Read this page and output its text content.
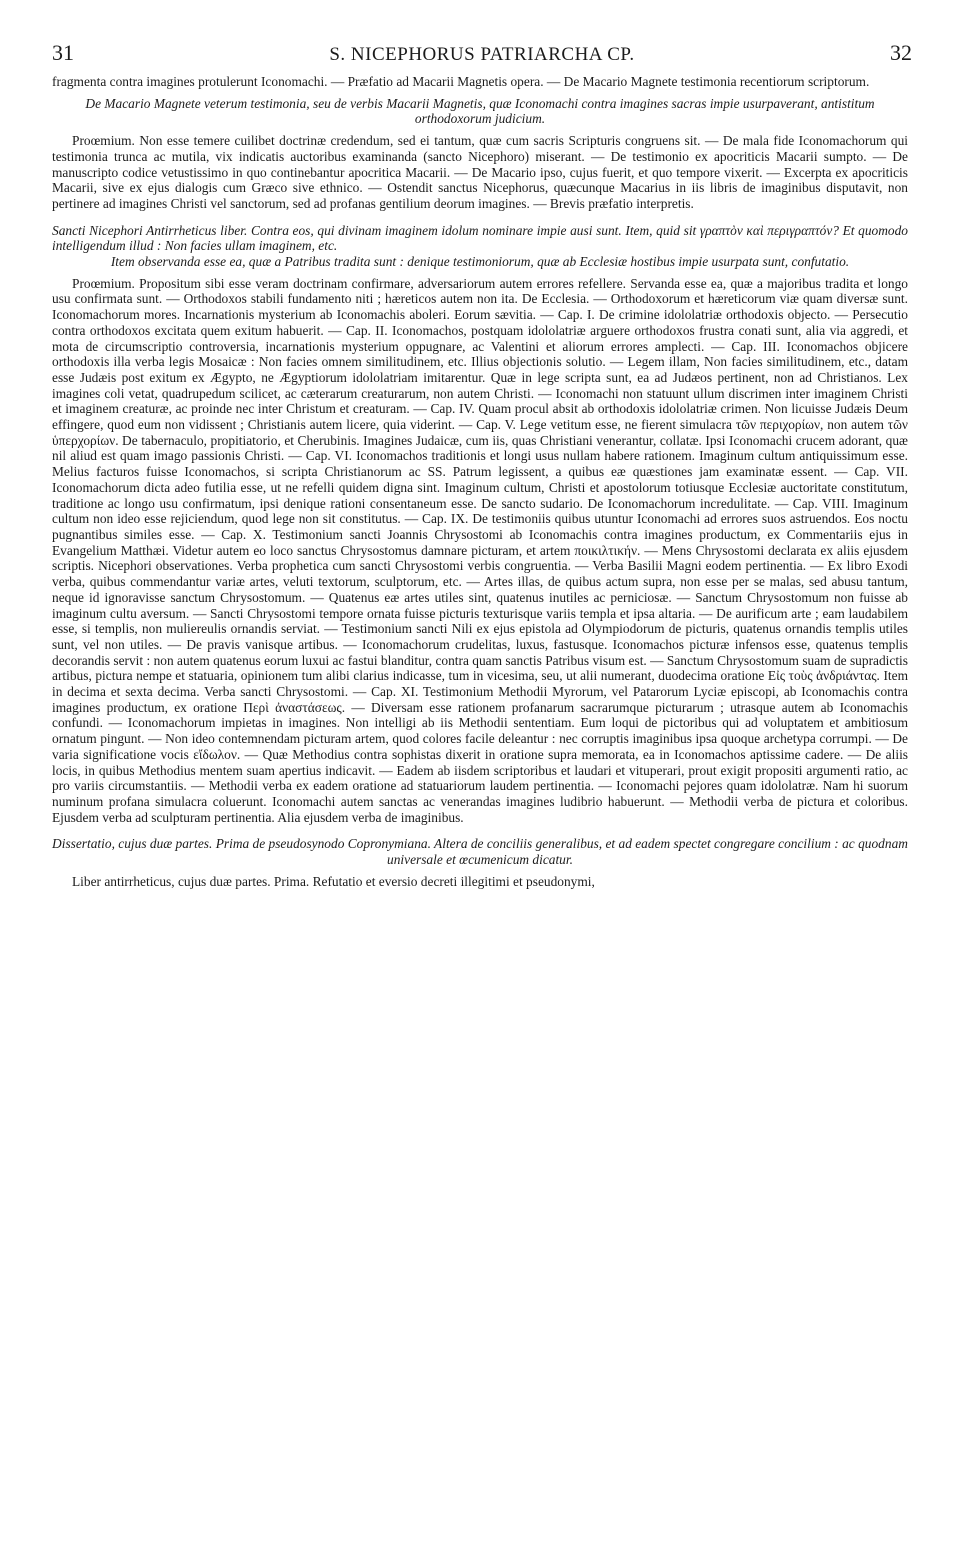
31	S. NICEPHORUS PATRIARCHA CP.	32

fragmenta contra imagines protulerunt Iconomachi. — Præfatio ad Macarii Magnetis opera. — De Macario Magnete testimonia recentiorum scriptorum.

De Macario Magnete veterum testimonia, seu de verbis Macarii Magnetis, quæ Iconomachi contra imagines sacras impie usurpaverant, antistitum orthodoxorum judicium.

Proœmium. Non esse temere cuilibet doctrinæ credendum, sed ei tantum, quæ cum sacris Scripturis congruens sit. — De mala fide Iconomachorum qui testimonia trunca ac mutila, vix indicatis auctoribus examinanda (sancto Nicephoro) miserant. — De testimonio ex apocriticis Macarii sumpto. — De manuscripto codice vetustissimo in quo continebantur apocritica Macarii. — De Macario ipso, cujus fuerit, et quo tempore vixerit. — Excerpta ex apocriticis Macarii, sive ex ejus dialogis cum Græco sive ethnico. — Ostendit sanctus Nicephorus, quæcunque Macarius in iis libris de imaginibus disputavit, non pertinere ad imagines Christi vel sanctorum, sed ad profanas gentilium deorum imagines. — Brevis præfatio interpretis.

Sancti Nicephori Antirrheticus liber. Contra eos, qui divinam imaginem idolum nominare impie ausi sunt. Item, quid sit γραπτὸν καὶ περιγραπτόν? Et quomodo intelligendum illud : Non facies ullam imaginem, etc.

Item observanda esse ea, quæ a Patribus tradita sunt : denique testimoniorum, quæ ab Ecclesiæ hostibus impie usurpata sunt, confutatio.

Proœmium. Propositum sibi esse veram doctrinam confirmare, adversariorum autem errores refellere. Servanda esse ea, quæ a majoribus tradita et longo usu confirmata sunt. — Orthodoxos stabili fundamento niti ; hæreticos autem non ita. De Ecclesia. — Orthodoxorum et hæreticorum viæ quam diversæ sunt. Iconomachorum mores. Incarnationis mysterium ab Iconomachis aboleri. Eorum sævitia. — Cap. I. De crimine idololatriæ orthodoxis objecto. — Persecutio contra orthodoxos excitata quem exitum habuerit. — Cap. II. Iconomachos, postquam idololatriæ arguere orthodoxos frustra conati sunt, alia via aggredi, et mota de circumscriptio controversia, incarnationis mysterium oppugnare, ac Valentini et aliorum errores amplecti. — Cap. III. Iconomachos objicere orthodoxis illa verba legis Mosaicæ : Non facies omnem similitudinem, etc. Illius objectionis solutio. — Legem illam, Non facies similitudinem, etc., datam esse Judæis post exitum ex Ægypto, ne Ægyptiorum idololatriam imitarentur. Quæ in lege scripta sunt, ea ad Judæos pertinent, non ad Christianos. Lex imagines coli vetat, quadrupedum scilicet, ac cæterarum creaturarum, non autem Christi. — Iconomachi non statuunt ullum discrimen inter imaginem Christi et imaginem creaturæ, ac proinde nec inter Christum et creaturam. — Cap. IV. Quam procul absit ab orthodoxis idololatriæ crimen. Non licuisse Judæis Deum effingere, quod eum non vidissent ; Christianis autem licere, quia viderint. — Cap. V. Lege vetitum esse, ne fierent simulacra τῶν περιχορίων, non autem τῶν ὑπερχορίων. De tabernaculo, propitiatorio, et Cherubinis. Imagines Judaicæ, cum iis, quas Christiani venerantur, collatæ. Ipsi Iconomachi crucem adorant, quæ nil aliud est quam imago passionis Christi. — Cap. VI. Iconomachos traditionis et longi usus nullam habere rationem. Imaginum cultum antiquissimum esse. Melius facturos fuisse Iconomachos, si scripta Christianorum ac SS. Patrum legissent, a quibus eæ quæstiones jam examinatæ essent. — Cap. VII. Iconomachorum dicta adeo futilia esse, ut ne refelli quidem digna sint. Imaginum cultum, Christi et apostolorum totiusque Ecclesiæ auctoritate constitutum, traditione ac longo usu confirmatum, ipsi denique rationi consentaneum esse. De sancto sudario. De Iconomachorum incredulitate. — Cap. VIII. Imaginum cultum non ideo esse rejiciendum, quod lege non sit constitutus. — Cap. IX. De testimoniis quibus utuntur Iconomachi ad errores suos astruendos. Eos noctu pugnantibus similes esse. — Cap. X. Testimonium sancti Joannis Chrysostomi ab Iconomachis contra imagines productum, ex Commentariis ejus in Evangelium Matthæi. Videtur autem eo loco sanctus Chrysostomus damnare picturam, et artem ποικιλτικήν. — Mens Chrysostomi declarata ex aliis ejusdem scriptis. Nicephori observationes. Verba prophetica cum sancti Chrysostomi verbis congruentia. — Verba Basilii Magni eodem pertinentia. — Ex libro Exodi verba, quibus commendantur variæ artes, veluti textorum, sculptorum, etc. — Artes illas, de quibus actum supra, non esse per se malas, sed abusu tantum, neque id ignoravisse sanctum Chrysostomum. — Quatenus eæ artes utiles sint, quatenus inutiles ac perniciosæ. — Sanctum Chrysostomum non fuisse ab imaginum cultu aversum. — Sancti Chrysostomi tempore ornata fuisse picturis texturisque variis templa et ipsa altaria. — De aurificum arte ; eam laudabilem esse, si templis, non muliereulis ornandis serviat. — Testimonium sancti Nili ex ejus epistola ad Olympiodorum de picturis, quatenus ornandis templis utiles sunt, vel non utiles. — De pravis vanisque artibus. — Iconomachorum crudelitas, luxus, fastusque. Iconomachos picturæ infensos esse, quatenus templis decorandis servit : non autem quatenus eorum luxui ac fastui blanditur, contra quam sanctis Patribus visum est. — Sanctum Chrysostomum suam de supradictis artibus, pictura nempe et statuaria, opinionem tum alibi clarius indicasse, tum in vicesima, seu, ut alii numerant, duodecima oratione Εἰς τοὺς ἀνδριάντας. Item in decima et sexta decima. Verba sancti Chrysostomi. — Cap. XI. Testimonium Methodii Myrorum, vel Patarorum Lyciæ episcopi, ab Iconomachis contra imagines productum, ex oratione Περὶ ἀναστάσεως. — Diversam esse rationem profanarum sacrarumque picturarum ; utrasque autem ab Iconomachis confundi. — Iconomachorum impietas in imagines. Non intelligi ab iis Methodii sententiam. Eum loqui de pictoribus qui ad voluptatem et ambitiosum ornatum pingunt. — Non ideo contemnendam picturam artem, quod colores facile deleantur : nec corruptis imaginibus ipsa quoque archetypa corrumpi. — De varia significatione vocis εἴδωλον. — Quæ Methodius contra sophistas dixerit in oratione supra memorata, ea in Iconomachos aptissime cadere. — De aliis locis, in quibus Methodius mentem suam apertius indicavit. — Eadem ab iisdem scriptoribus et laudari et vituperari, prout exigit propositi argumenti ratio, ac pro variis circumstantiis. — Methodii verba ex eadem oratione ad statuariorum laudem pertinentia. — Iconomachi pejores quam idololatræ. Nam hi suorum numinum profana simulacra coluerunt. Iconomachi autem sanctas ac venerandas imagines ludibrio habuerunt. — Methodii verba de pictura et coloribus. Ejusdem verba ad sculpturam pertinentia. Alia ejusdem verba de imaginibus.

Dissertatio, cujus duæ partes. Prima de pseudosynodo Copronymiana. Altera de conciliis generalibus, et ad eadem spectet congregare concilium : ac quodnam universale et œcumenicum dicatur.

Liber antirrheticus, cujus duæ partes. Prima. Refutatio et eversio decreti illegitimi et pseudonymi,
